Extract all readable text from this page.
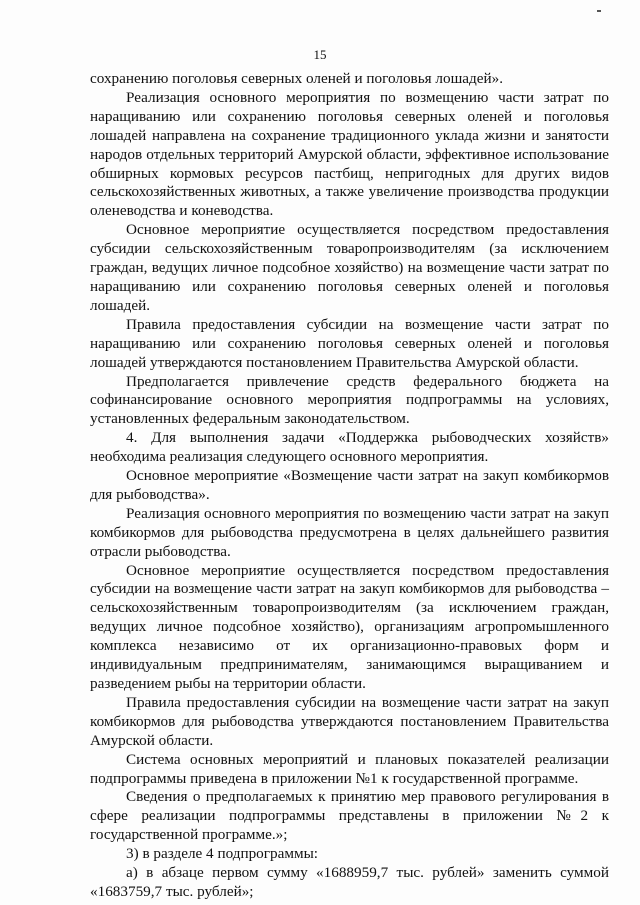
15

сохранению поголовья северных оленей и поголовья лошадей».

Реализация основного мероприятия по возмещению части затрат по наращиванию или сохранению поголовья северных оленей и поголовья лошадей направлена на сохранение традиционного уклада жизни и занятости народов отдельных территорий Амурской области, эффективное использование обширных кормовых ресурсов пастбищ, непригодных для других видов сельскохозяйственных животных, а также увеличение производства продукции оленеводства и коневодства.

Основное мероприятие осуществляется посредством предоставления субсидии сельскохозяйственным товаропроизводителям (за исключением граждан, ведущих личное подсобное хозяйство) на возмещение части затрат по наращиванию или сохранению поголовья северных оленей и поголовья лошадей.

Правила предоставления субсидии на возмещение части затрат по наращиванию или сохранению поголовья северных оленей и поголовья лошадей утверждаются постановлением Правительства Амурской области.

Предполагается привлечение средств федерального бюджета на софинансирование основного мероприятия подпрограммы на условиях, установленных федеральным законодательством.

4. Для выполнения задачи «Поддержка рыбоводческих хозяйств» необходима реализация следующего основного мероприятия.

Основное мероприятие «Возмещение части затрат на закуп комбикормов для рыбоводства».

Реализация основного мероприятия по возмещению части затрат на закуп комбикормов для рыбоводства предусмотрена в целях дальнейшего развития отрасли рыбоводства.

Основное мероприятие осуществляется посредством предоставления субсидии на возмещение части затрат на закуп комбикормов для рыбоводства – сельскохозяйственным товаропроизводителям (за исключением граждан, ведущих личное подсобное хозяйство), организациям агропромышленного комплекса независимо от их организационно-правовых форм и индивидуальным предпринимателям, занимающимся выращиванием и разведением рыбы на территории области.

Правила предоставления субсидии на возмещение части затрат на закуп комбикормов для рыбоводства утверждаются постановлением Правительства Амурской области.

Система основных мероприятий и плановых показателей реализации подпрограммы приведена в приложении №1 к государственной программе.

Сведения о предполагаемых к принятию мер правового регулирования в сфере реализации подпрограммы представлены в приложении №2 к государственной программе.»;

3) в разделе 4 подпрограммы:

а) в абзаце первом сумму «1688959,7 тыс. рублей» заменить суммой «1683759,7 тыс. рублей»;
